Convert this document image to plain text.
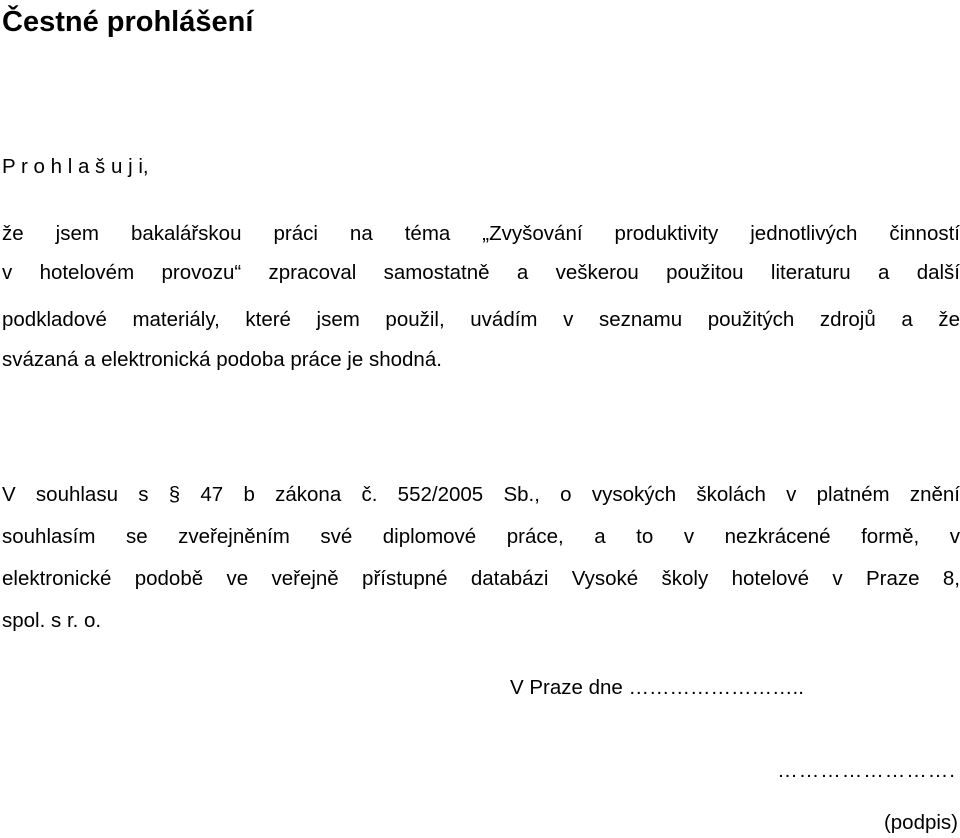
Čestné prohlášení

P r o h l a š u j i,

že jsem bakalářskou práci na téma „Zvyšování produktivity jednotlivých činností

v hotelovém provozu“ zpracoval samostatně a veškerou použitou literaturu a další

podkladové materiály, které jsem použil, uvádím v seznamu použitých zdrojů a že

svázaná a elektronická podoba práce je shodná.

V souhlasu s § 47 b zákona č. 552/2005 Sb., o vysokých školách v platném znění

souhlasím se zveřejněním své diplomové práce, a to v nezkrácené formě, v

elektronické podobě ve veřejně přístupné databázi Vysoké školy hotelové v Praze 8,

spol. s r. o.

V Praze dne ……………………..

…………………….

(podpis)
